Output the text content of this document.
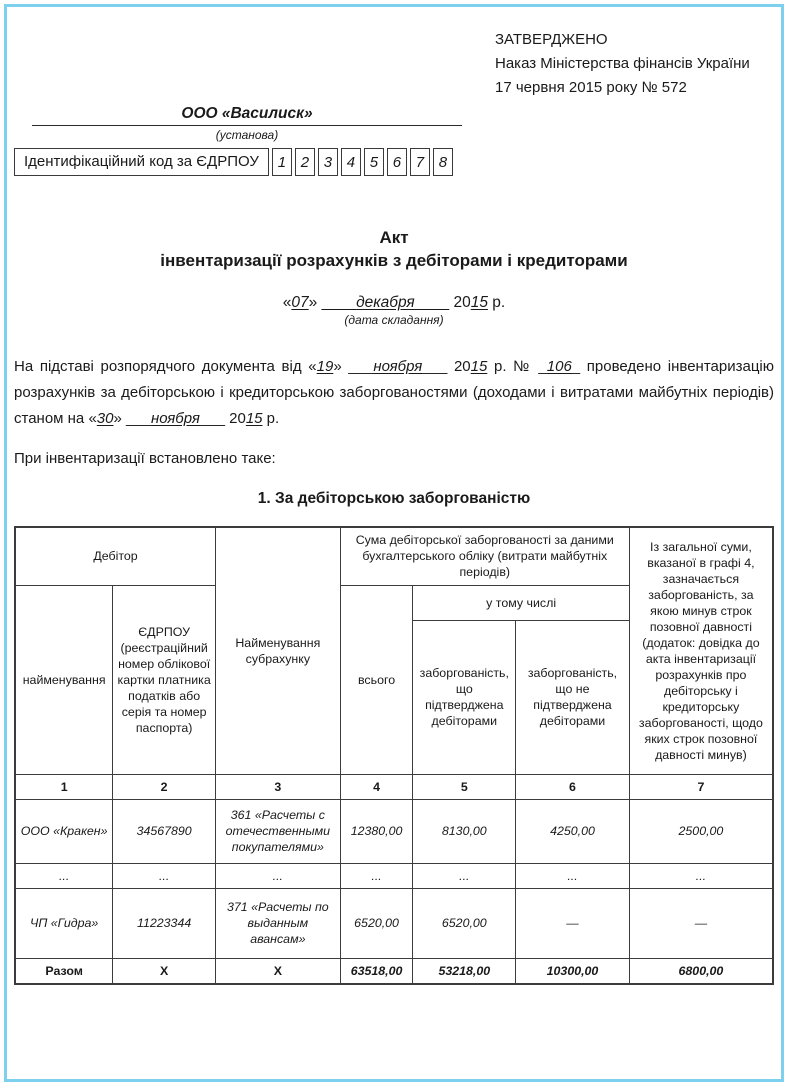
ЗАТВЕРДЖЕНО
Наказ Міністерства фінансів України
17 червня 2015 року № 572
ООО «Василиск»
(установа)
Ідентифікаційний код за ЄДРПОУ	1 2 3 4 5 6 7 8
Акт
інвентаризації розрахунків з дебіторами і кредиторами
«07» ____декабря____ 2015 р.
(дата складання)

На підставі розпорядчого документа від «19» ___ноября___ 2015 р. № _106_ проведено інвентаризацію розрахунків за дебіторською і кредиторською заборгованостями (доходами і витратами майбутніх періодів) станом на «30» ___ноября___ 2015 р.

При інвентаризації встановлено таке:

1. За дебіторською заборгованістю
Дебітор		Найменування субрахунку	Сума дебіторської заборгованості за даними бухгалтерського обліку (витрати майбутніх періодів)			Із загальної суми, вказаної в графі 4, зазначається заборгованість, за якою минув строк позовної давності (додаток: довідка до акта інвентаризації розрахунків про дебіторську і кредиторську заборгованості, щодо яких строк позовної давності минув)
найменування	ЄДРПОУ (реєстраційний номер облікової картки платника податків або серія та номер паспорта)		всього	у тому числі		
				заборгованість, що підтверджена дебіторами	заборгованість, що не підтверджена дебіторами	
1	2	3	4	5	6	7
ООО «Кракен»	34567890	361 «Расчеты с отечественными покупателями»	12380,00	8130,00	4250,00	2500,00
...	...	...	...	...	...	...
ЧП «Гидра»	11223344	371 «Расчеты по выданным авансам»	6520,00	6520,00	—	—
Разом	Х	Х	63518,00	53218,00	10300,00	6800,00
